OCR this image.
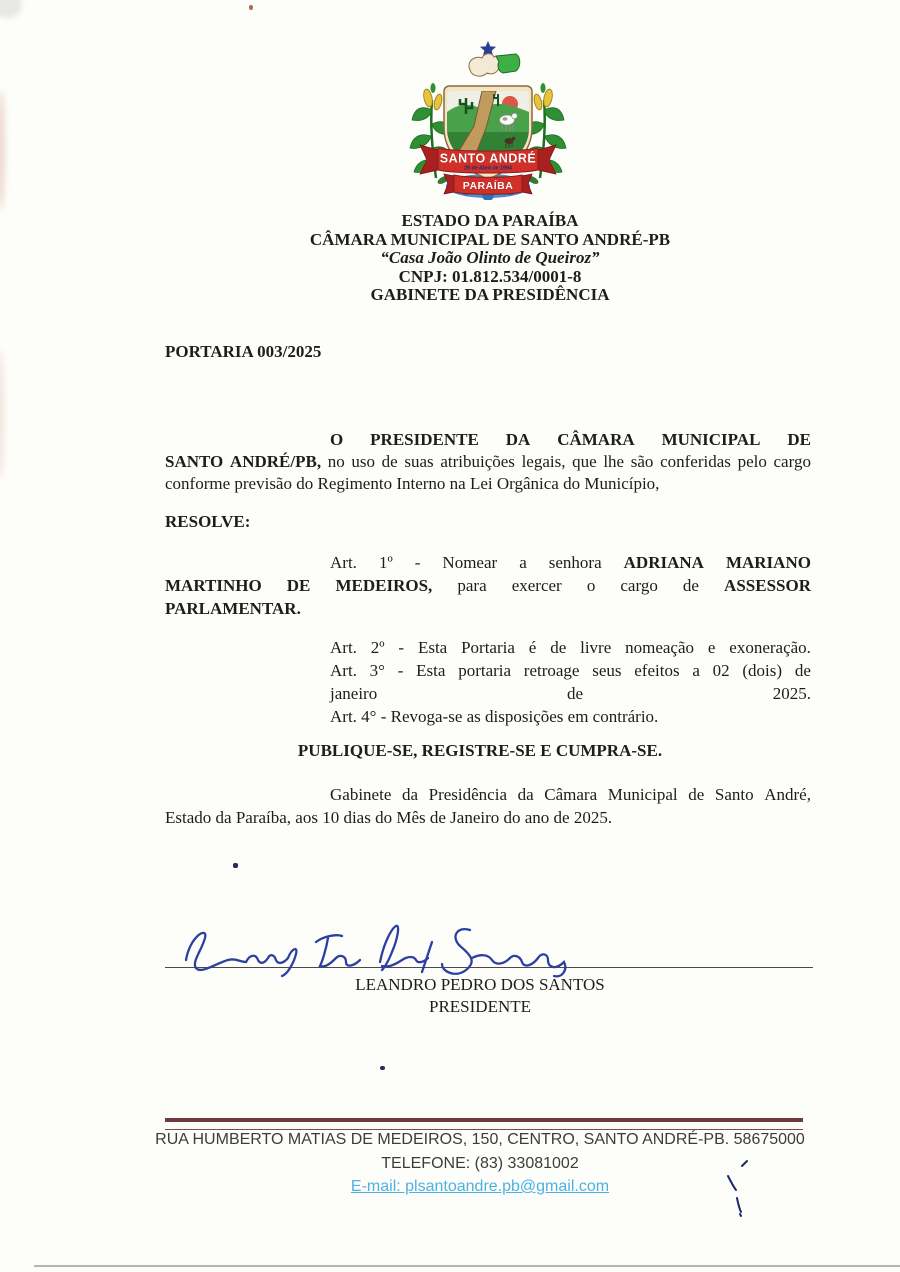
SANTO ANDRÉ
29 de Abril de 1994
PARAÍBA
ESTADO DA PARAÍBA
CÂMARA MUNICIPAL DE SANTO ANDRÉ-PB
“Casa João Olinto de Queiroz”
CNPJ: 01.812.534/0001-8
GABINETE DA PRESIDÊNCIA
PORTARIA 003/2025
O PRESIDENTE DA CÂMARA MUNICIPAL DE
SANTO ANDRÉ/PB, no uso de suas atribuições legais, que lhe são conferidas pelo cargo
conforme previsão do Regimento Interno na Lei Orgânica do Município,
RESOLVE:
Art. 1º - Nomear a senhora ADRIANA MARIANO
MARTINHO DE MEDEIROS, para exercer o cargo de ASSESSOR
PARLAMENTAR.
Art. 2º - Esta Portaria é de livre nomeação e exoneração.
Art. 3° - Esta portaria retroage seus efeitos a 02 (dois) de
janeiro	de	2025.
Art. 4° - Revoga-se as disposições em contrário.
PUBLIQUE-SE, REGISTRE-SE E CUMPRA-SE.
Gabinete da Presidência da Câmara Municipal de Santo André,
Estado da Paraíba, aos 10 dias do Mês de Janeiro do ano de 2025.
LEANDRO PEDRO DOS SANTOS
PRESIDENTE
RUA HUMBERTO MATIAS DE MEDEIROS, 150, CENTRO, SANTO ANDRÉ-PB. 58675000
TELEFONE: (83) 33081002
E-mail: plsantoandre.pb@gmail.com
